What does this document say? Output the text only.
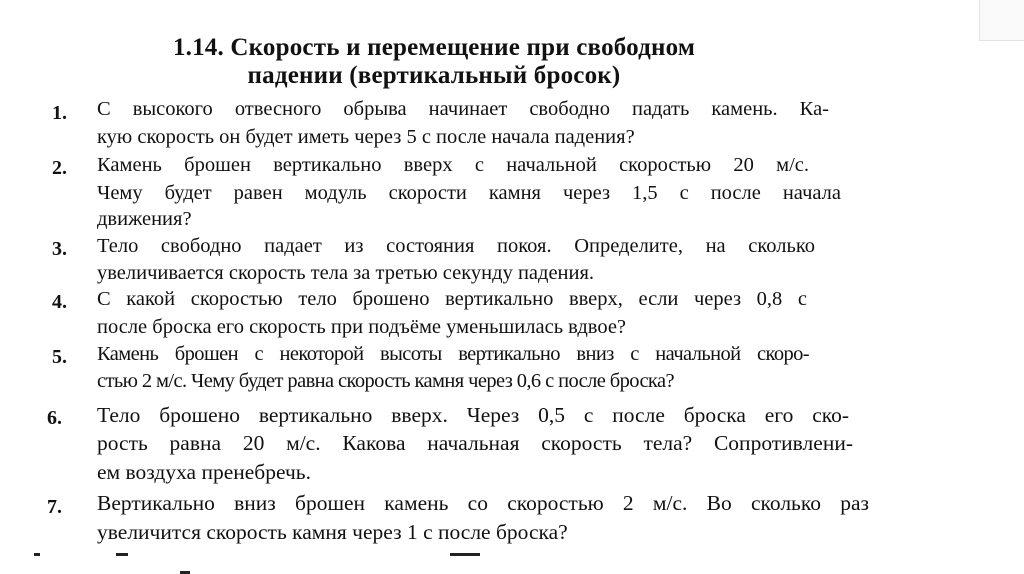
1.14. Скорость и перемещение при свободном
падении (вертикальный бросок)
1. С высокого отвесного обрыва начинает свободно падать камень. Ка-
кую скорость он будет иметь через 5 с после начала падения?
2. Камень брошен вертикально вверх с начальной скоростью 20 м/с.
Чему будет равен модуль скорости камня через 1,5 с после начала
движения?
3. Тело свободно падает из состояния покоя. Определите, на сколько
увеличивается скорость тела за третью секунду падения.
4. С какой скоростью тело брошено вертикально вверх, если через 0,8 с
после броска его скорость при подъёме уменьшилась вдвое?
5. Камень брошен с некоторой высоты вертикально вниз с начальной скоро-
стью 2 м/с. Чему будет равна скорость камня через 0,6 с после броска?
6. Тело брошено вертикально вверх. Через 0,5 с после броска его ско-
рость равна 20 м/с. Какова начальная скорость тела? Сопротивлени-
ем воздуха пренебречь.
7. Вертикально вниз брошен камень со скоростью 2 м/с. Во сколько раз
увеличится скорость камня через 1 с после броска?
